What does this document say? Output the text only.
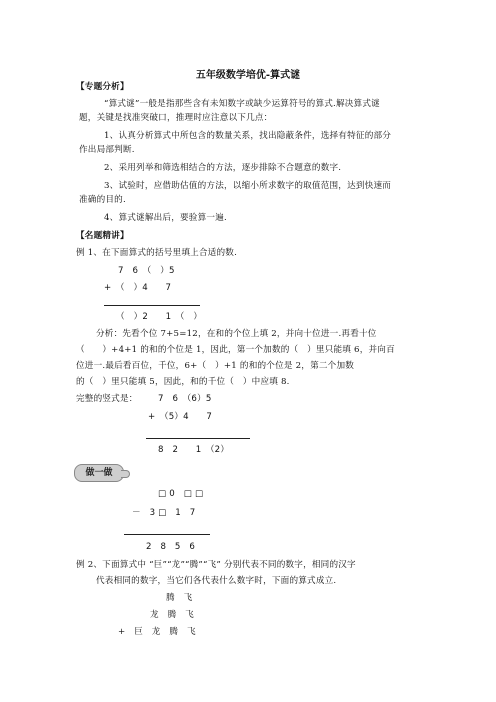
五年级数学培优-算式谜
【专题分析】
“算式谜”一般是指那些含有未知数字或缺少运算符号的算式.解决算式谜
题，关键是找准突破口，推理时应注意以下几点：
1、认真分析算式中所包含的数量关系，找出隐蔽条件，选择有特征的部分
作出局部判断.
2、采用列举和筛选相结合的方法，逐步排除不合题意的数字.
3、试验时，应借助估值的方法，以缩小所求数字的取值范围，达到快速而
准确的目的.
4、算式谜解出后，要验算一遍.
【名题精讲】
例 1、在下面算式的括号里填上合适的数.
7　6　（　）5
+　（　）4　　7
（　）2　　1　（　）
分析：先看个位 7+5=12，在和的个位上填 2，并向十位进一.再看十位
（　　）+4+1 的和的个位是 1，因此，第一个加数的（　）里只能填 6，并向百
位进一.最后看百位，千位，6+（　）+1 的和的个位是 2，第二个加数
的（　）里只能填 5，因此，和的千位（　）中应填 8.
完整的竖式是： 7　6　（6）5
+　（5）4　　7
8　2　　1　（2）
做一做
□ 0　□ □
－　3 □　1　7
2　8　5　6
例 2、下面算式中 “巨”“龙”“腾”“飞” 分别代表不同的数字，相同的汉字
代表相同的数字，当它们各代表什么数字时，下面的算式成立.
腾　飞
龙　腾　飞
+　巨　龙　腾　飞
